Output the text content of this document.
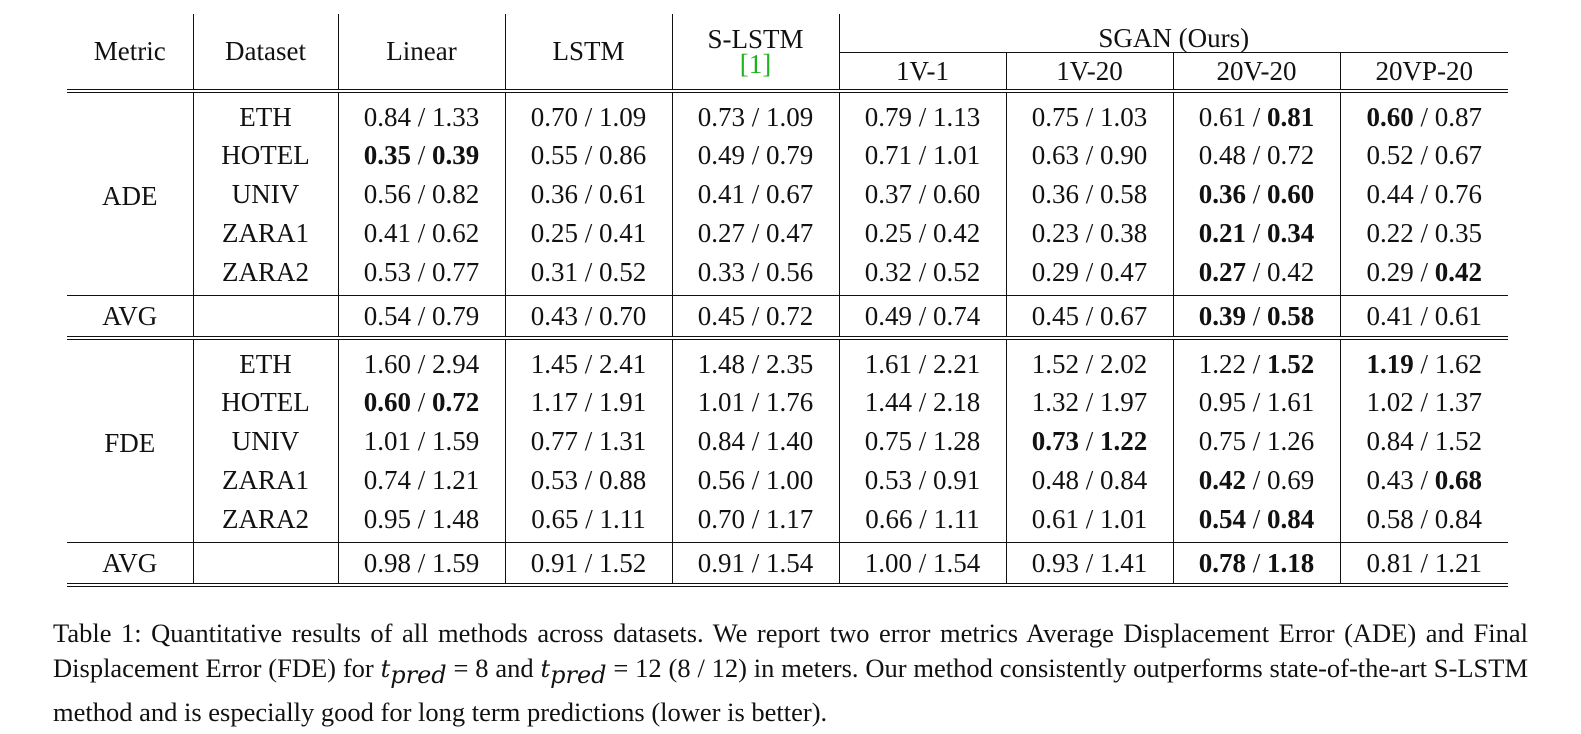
Metric	Dataset	Linear	LSTM	S-LSTM
[1]	SGAN (Ours)			
					1V-1	1V-20	20V-20	20VP-20

ADE	ETH	0.84 / 1.33	0.70 / 1.09	0.73 / 1.09	0.79 / 1.13	0.75 / 1.03	0.61 / 0.81	0.60 / 0.87
	HOTEL	0.35 / 0.39	0.55 / 0.86	0.49 / 0.79	0.71 / 1.01	0.63 / 0.90	0.48 / 0.72	0.52 / 0.67
	UNIV	0.56 / 0.82	0.36 / 0.61	0.41 / 0.67	0.37 / 0.60	0.36 / 0.58	0.36 / 0.60	0.44 / 0.76
	ZARA1	0.41 / 0.62	0.25 / 0.41	0.27 / 0.47	0.25 / 0.42	0.23 / 0.38	0.21 / 0.34	0.22 / 0.35
	ZARA2	0.53 / 0.77	0.31 / 0.52	0.33 / 0.56	0.32 / 0.52	0.29 / 0.47	0.27 / 0.42	0.29 / 0.42
AVG		0.54 / 0.79	0.43 / 0.70	0.45 / 0.72	0.49 / 0.74	0.45 / 0.67	0.39 / 0.58	0.41 / 0.61
FDE	ETH	1.60 / 2.94	1.45 / 2.41	1.48 / 2.35	1.61 / 2.21	1.52 / 2.02	1.22 / 1.52	1.19 / 1.62
	HOTEL	0.60 / 0.72	1.17 / 1.91	1.01 / 1.76	1.44 / 2.18	1.32 / 1.97	0.95 / 1.61	1.02 / 1.37
	UNIV	1.01 / 1.59	0.77 / 1.31	0.84 / 1.40	0.75 / 1.28	0.73 / 1.22	0.75 / 1.26	0.84 / 1.52
	ZARA1	0.74 / 1.21	0.53 / 0.88	0.56 / 1.00	0.53 / 0.91	0.48 / 0.84	0.42 / 0.69	0.43 / 0.68
	ZARA2	0.95 / 1.48	0.65 / 1.11	0.70 / 1.17	0.66 / 1.11	0.61 / 1.01	0.54 / 0.84	0.58 / 0.84
AVG		0.98 / 1.59	0.91 / 1.52	0.91 / 1.54	1.00 / 1.54	0.93 / 1.41	0.78 / 1.18	0.81 / 1.21
Table 1: Quantitative results of all methods across datasets. We report two error metrics Average Displacement Error (ADE) and Final Displacement Error (FDE) for $t_{pred} = 8$ and $t_{pred} = 12$ (8 / 12) in meters. Our method consistently outperforms state-of-the-art S-LSTM method and is especially good for long term predictions (lower is better).
